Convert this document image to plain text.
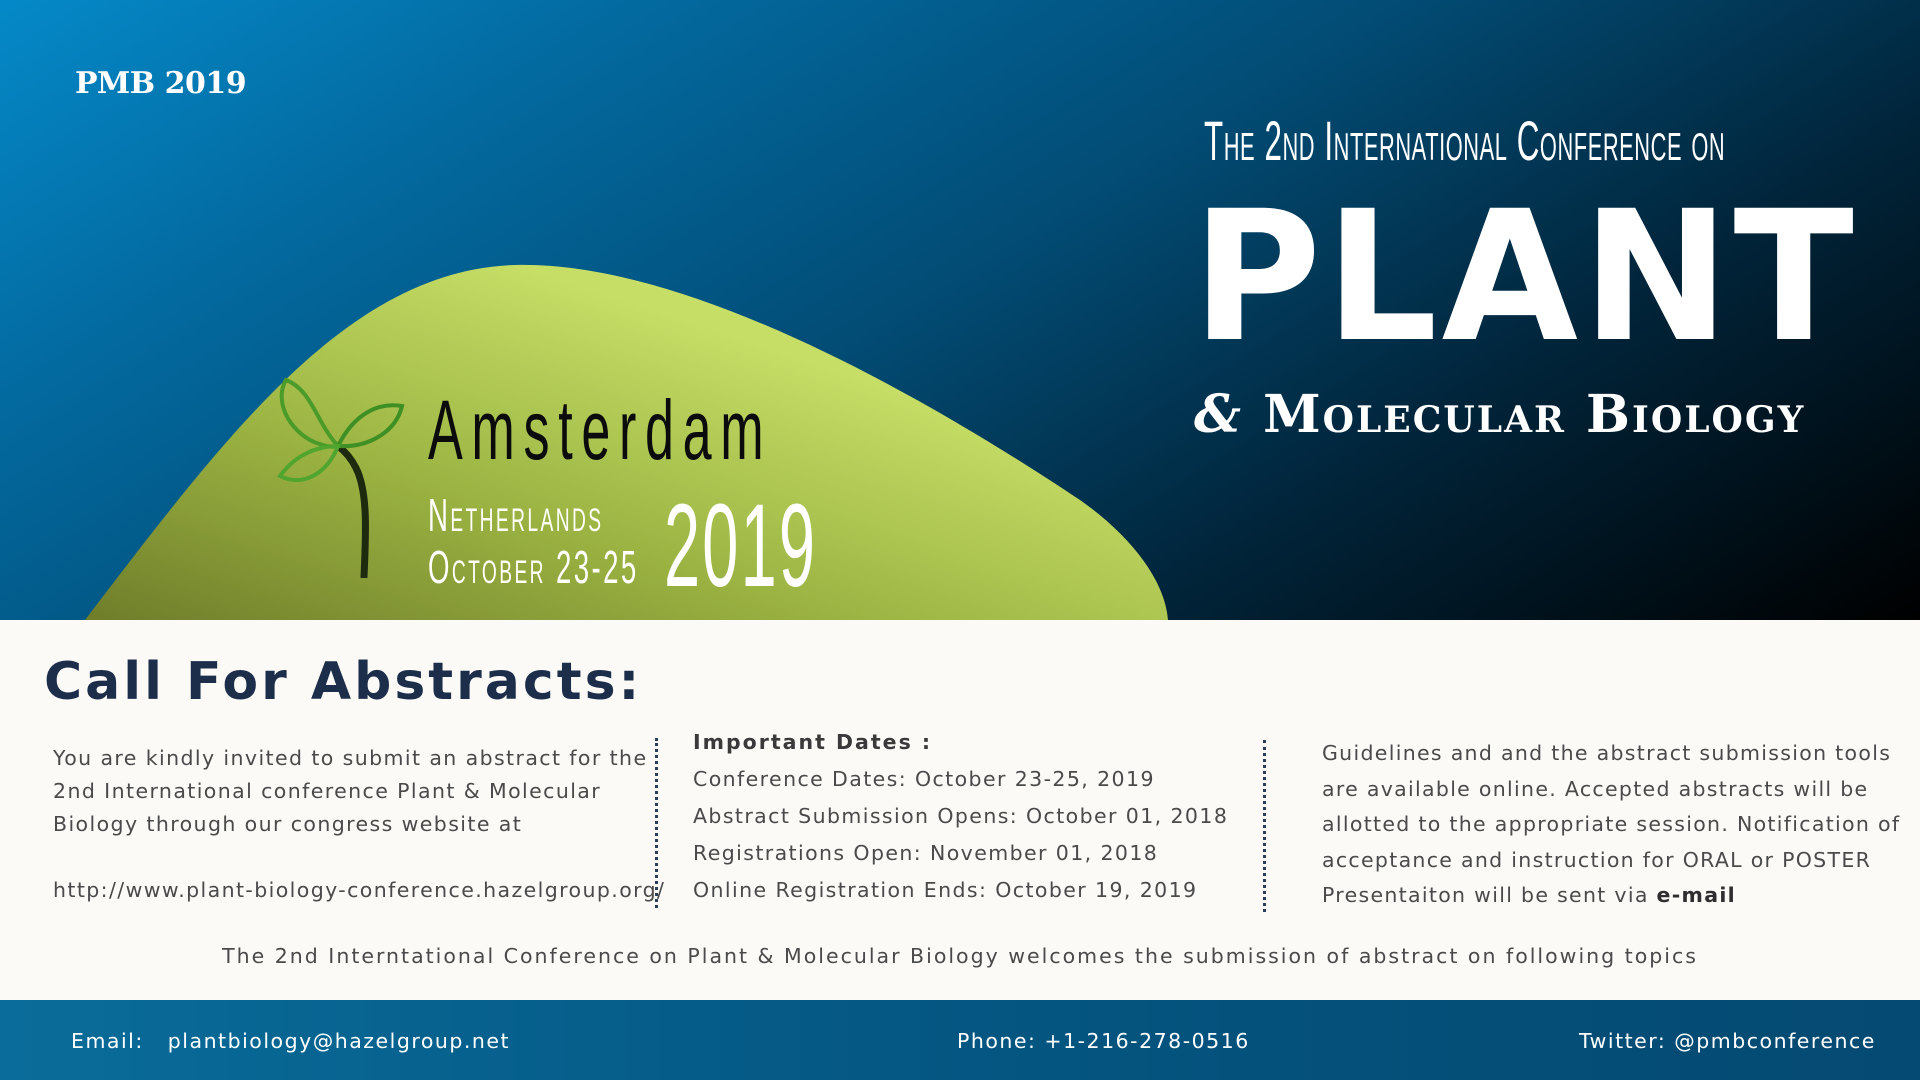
PMB 2019
Amsterdam
Netherlands
October 23-25 2019
The 2nd International Conference on
PLANT
& Molecular Biology
Call For Abstracts:
You are kindly invited to submit an abstract for the
2nd International conference Plant & Molecular
Biology through our congress website at
http://www.plant-biology-conference.hazelgroup.org/
Important Dates :
Conference Dates: October 23-25, 2019
Abstract Submission Opens: October 01, 2018
Registrations Open: November 01, 2018
Online Registration Ends: October 19, 2019
Guidelines and and the abstract submission tools
are available online. Accepted abstracts will be
allotted to the appropriate session. Notification of
acceptance and instruction for ORAL or POSTER
Presentaiton will be sent via e-mail
The 2nd Interntational Conference on Plant & Molecular Biology welcomes the submission of abstract on following topics
Email: plantbiology@hazelgroup.net	Phone: +1-216-278-0516	Twitter: @pmbconference
